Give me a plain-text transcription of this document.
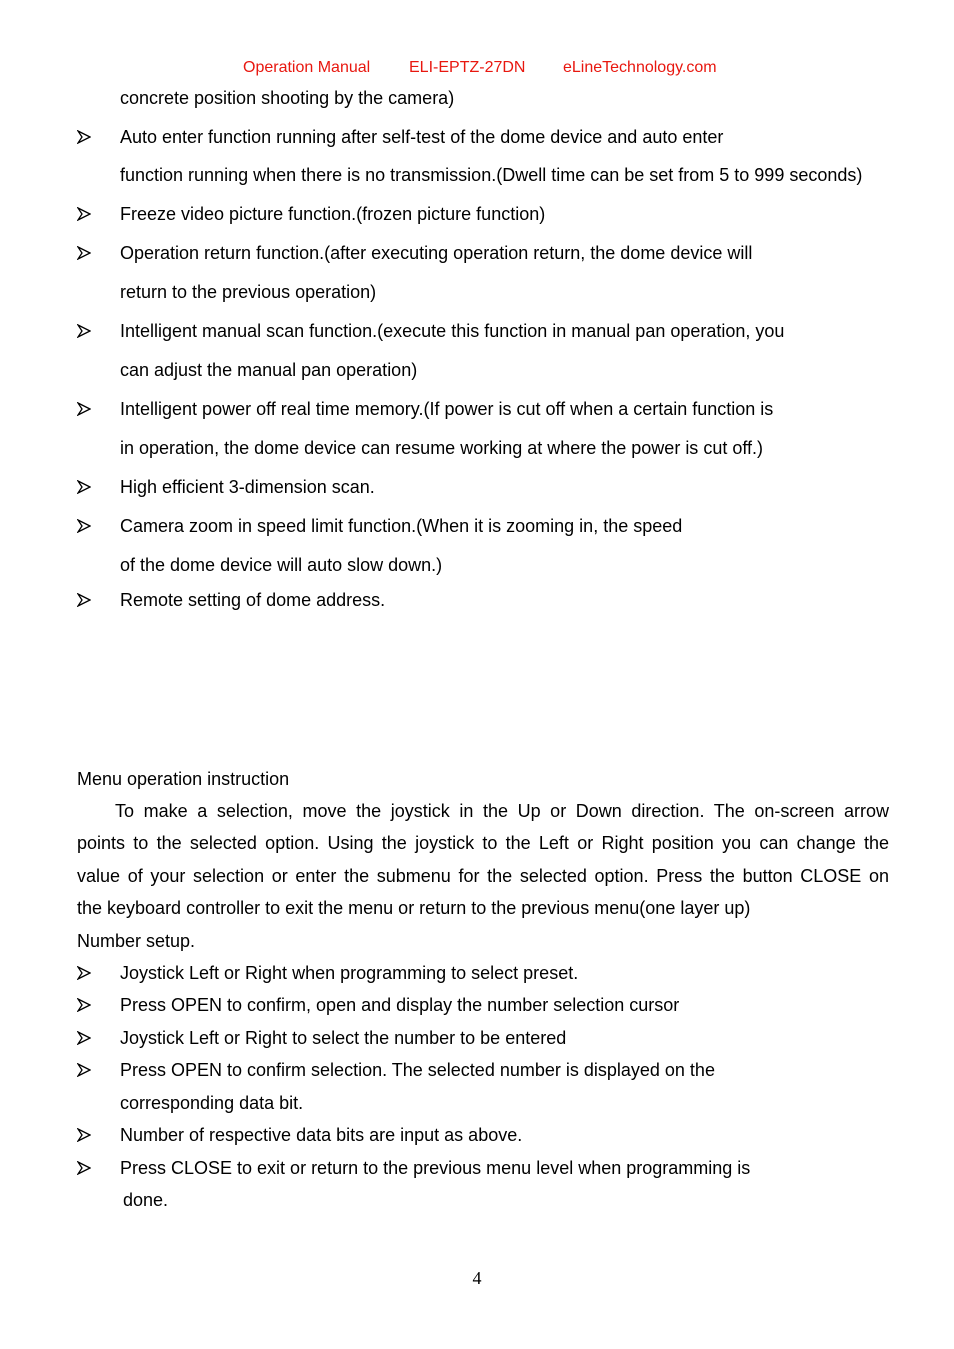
Operation Manual ELI-EPTZ-27DN eLineTechnology.com
concrete position shooting by the camera)
Auto enter function running after self-test of the dome device and auto enter
function running when there is no transmission.(Dwell time can be set from 5 to 999 seconds)
Freeze video picture function.(frozen picture function)
Operation return function.(after executing operation return, the dome device will
return to the previous operation)
Intelligent manual scan function.(execute this function in manual pan operation, you
can adjust the manual pan operation)
Intelligent power off real time memory.(If power is cut off when a certain function is
in operation, the dome device can resume working at where the power is cut off.)
High efficient 3-dimension scan.
Camera zoom in speed limit function.(When it is zooming in, the speed
of the dome device will auto slow down.)
Remote setting of dome address.
Menu operation instruction
To make a selection, move the joystick in the Up or Down direction. The on-screen arrow
points to the selected option. Using the joystick to the Left or Right position you can change the
value of your selection or enter the submenu for the selected option. Press the button CLOSE on
the keyboard controller to exit the menu or return to the previous menu(one layer up)
Number setup.
Joystick Left or Right when programming to select preset.
Press OPEN to confirm, open and display the number selection cursor
Joystick Left or Right to select the number to be entered
Press OPEN to confirm selection. The selected number is displayed on the
corresponding data bit.
Number of respective data bits are input as above.
Press CLOSE to exit or return to the previous menu level when programming is
done.
4
